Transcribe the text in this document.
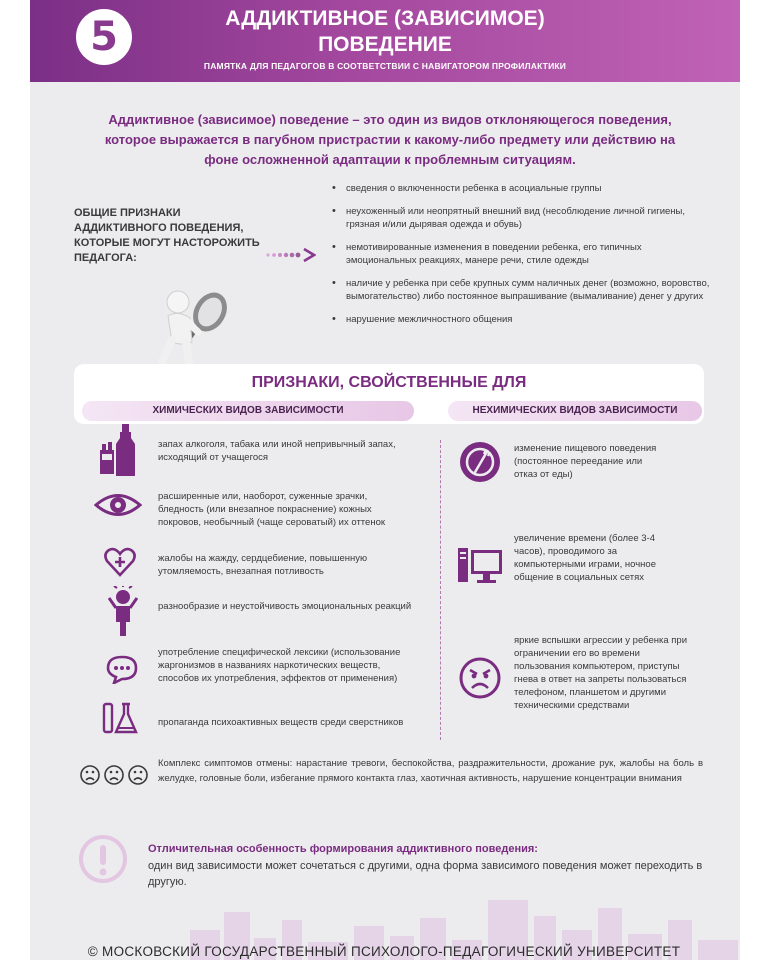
5	АДДИКТИВНОЕ (ЗАВИСИМОЕ)
ПОВЕДЕНИЕ
ПАМЯТКА ДЛЯ ПЕДАГОГОВ В СООТВЕТСТВИИ С НАВИГАТОРОМ ПРОФИЛАКТИКИ
Аддиктивное (зависимое) поведение – это один из видов отклоняющегося поведения, которое выражается в пагубном пристрастии к какому-либо предмету или действию на фоне осложненной адаптации к проблемным ситуациям.
ОБЩИЕ ПРИЗНАКИ АДДИКТИВНОГО ПОВЕДЕНИЯ, КОТОРЫЕ МОГУТ НАСТОРОЖИТЬ ПЕДАГОГА:
• сведения о включенности ребенка в асоциальные группы
• неухоженный или неопрятный внешний вид (несоблюдение личной гигиены, грязная и/или дырявая одежда и обувь)
• немотивированные изменения в поведении ребенка, его типичных эмоциональных реакциях, манере речи, стиле одежды
• наличие у ребенка при себе крупных сумм наличных денег (возможно, воровство, вымогательство) либо постоянное выпрашивание (вымаливание) денег у других
• нарушение межличностного общения
ПРИЗНАКИ, СВОЙСТВЕННЫЕ ДЛЯ
ХИМИЧЕСКИХ ВИДОВ ЗАВИСИМОСТИ	НЕХИМИЧЕСКИХ ВИДОВ ЗАВИСИМОСТИ
запах алкоголя, табака или иной непривычный запах, исходящий от учащегося
расширенные или, наоборот, суженные зрачки, бледность (или внезапное покраснение) кожных покровов, необычный (чаще сероватый) их оттенок
жалобы на жажду, сердцебиение, повышенную утомляемость, внезапная потливость
разнообразие и неустойчивость эмоциональных реакций
употребление специфической лексики (использование жаргонизмов в названиях наркотических веществ, способов их употребления, эффектов от применения)
пропаганда психоактивных веществ среди сверстников
изменение пищевого поведения (постоянное переедание или отказ от еды)
увеличение времени (более 3-4 часов), проводимого за компьютерными играми, ночное общение в социальных сетях
яркие вспышки агрессии у ребенка при ограничении его во времени пользования компьютером, приступы гнева в ответ на запреты пользоваться телефоном, планшетом и другими техническими средствами
Комплекс симптомов отмены: нарастание тревоги, беспокойства, раздражительности, дрожание рук, жалобы на боль в желудке, головные боли, избегание прямого контакта глаз, хаотичная активность, нарушение концентрации внимания
Отличительная особенность формирования аддиктивного поведения:
один вид зависимости может сочетаться с другими, одна форма зависимого поведения может переходить в другую.
© МОСКОВСКИЙ ГОСУДАРСТВЕННЫЙ ПСИХОЛОГО-ПЕДАГОГИЧЕСКИЙ УНИВЕРСИТЕТ
